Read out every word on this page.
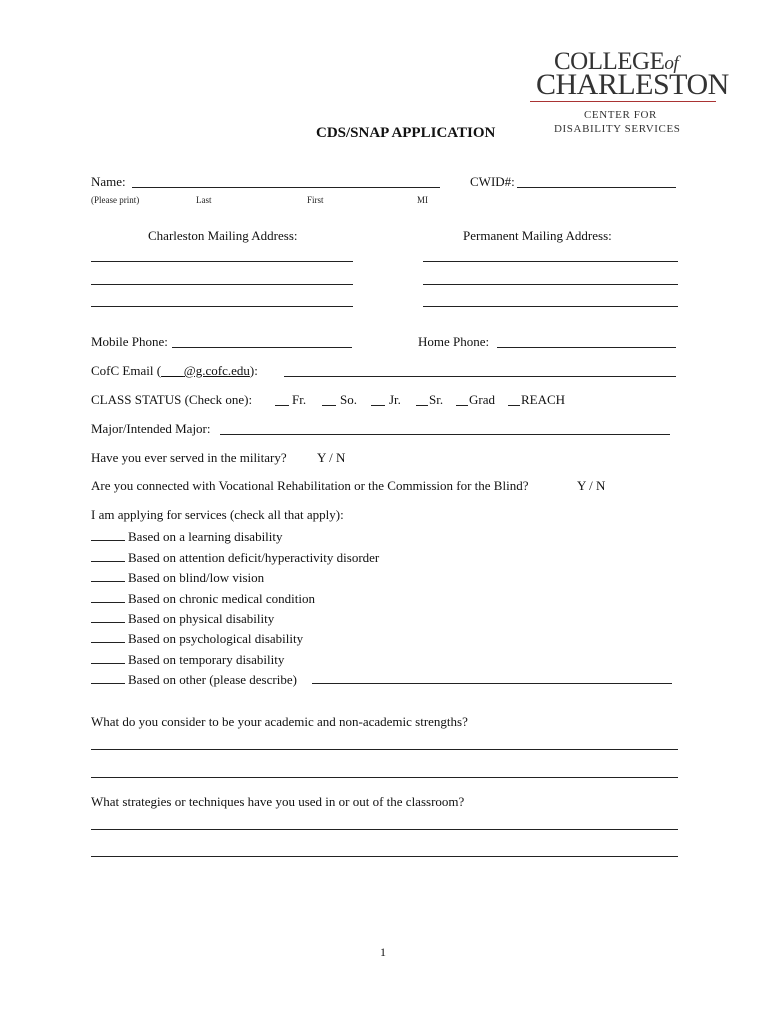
COLLEGEof
CHARLESTON
CENTER FOR
DISABILITY SERVICES
CDS/SNAP APPLICATION
Name:	CWID#:
(Please print)	Last	First	MI
Charleston Mailing Address:	Permanent Mailing Address:
Mobile Phone:	Home Phone:
CofC Email ( @g.cofc.edu):
CLASS STATUS (Check one):	Fr.	So. Jr. Sr. Grad REACH
Major/Intended Major:
Have you ever served in the military? Y / N
Are you connected with Vocational Rehabilitation or the Commission for the Blind?	Y / N
I am applying for services (check all that apply):
Based on a learning disability
Based on attention deficit/hyperactivity disorder
Based on blind/low vision
Based on chronic medical condition
Based on physical disability
Based on psychological disability
Based on temporary disability
Based on other (please describe)
What do you consider to be your academic and non-academic strengths?
What strategies or techniques have you used in or out of the classroom?
1
